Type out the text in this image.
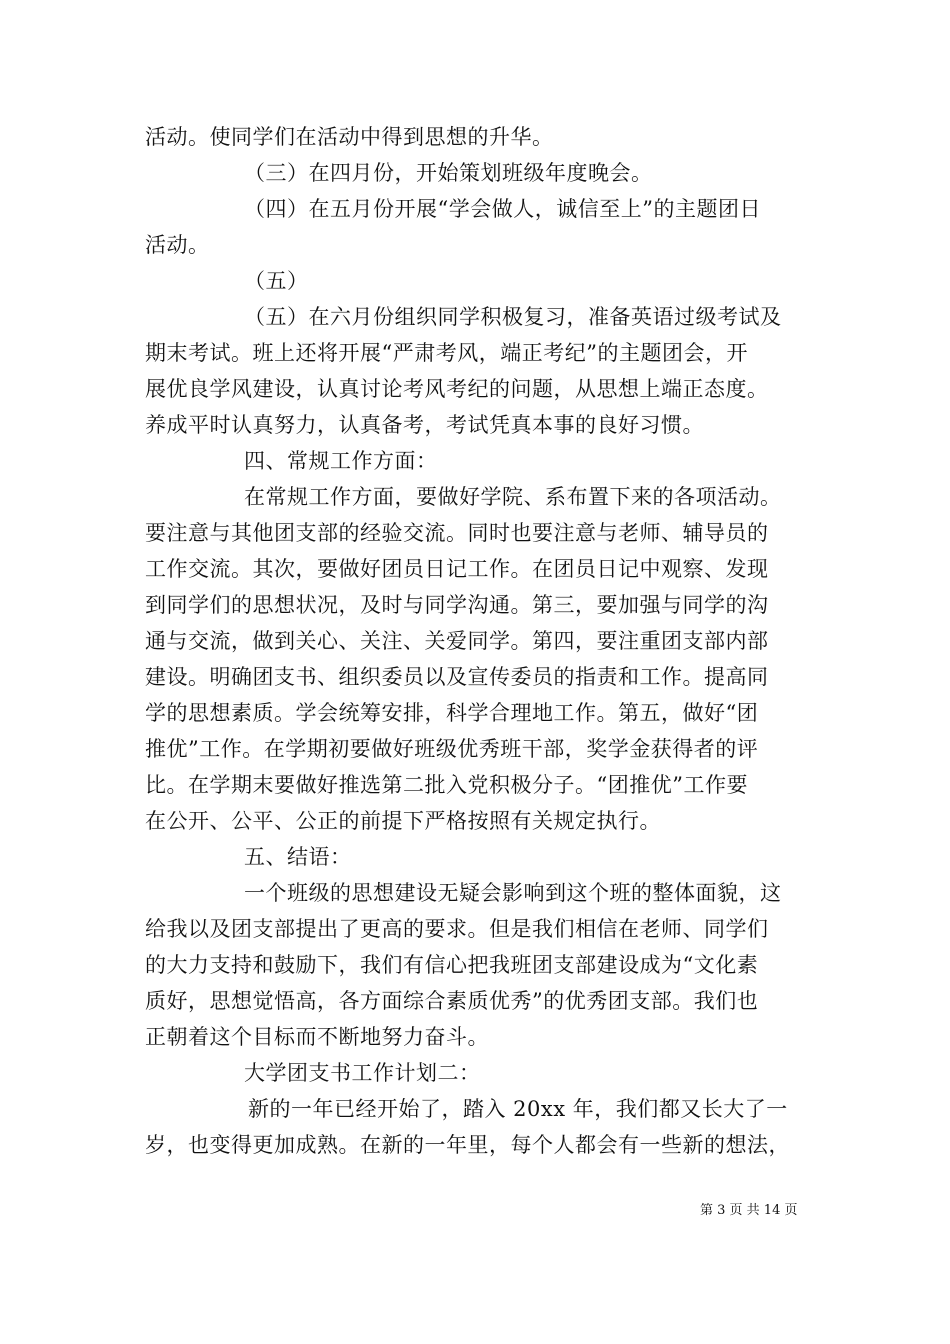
活动。使同学们在活动中得到思想的升华。
（三）在四月份，开始策划班级年度晚会。
（四）在五月份开展“学会做人，诚信至上”的主题团日
活动。
（五）
（五）在六月份组织同学积极复习，准备英语过级考试及
期末考试。班上还将开展“严肃考风，端正考纪”的主题团会，开
展优良学风建设，认真讨论考风考纪的问题，从思想上端正态度。
养成平时认真努力，认真备考，考试凭真本事的良好习惯。
四、常规工作方面：
在常规工作方面，要做好学院、系布置下来的各项活动。
要注意与其他团支部的经验交流。同时也要注意与老师、辅导员的
工作交流。其次，要做好团员日记工作。在团员日记中观察、发现
到同学们的思想状况，及时与同学沟通。第三，要加强与同学的沟
通与交流，做到关心、关注、关爱同学。第四，要注重团支部内部
建设。明确团支书、组织委员以及宣传委员的指责和工作。提高同
学的思想素质。学会统筹安排，科学合理地工作。第五，做好“团
推优”工作。在学期初要做好班级优秀班干部，奖学金获得者的评
比。在学期末要做好推选第二批入党积极分子。“团推优”工作要
在公开、公平、公正的前提下严格按照有关规定执行。
五、结语：
一个班级的思想建设无疑会影响到这个班的整体面貌，这
给我以及团支部提出了更高的要求。但是我们相信在老师、同学们
的大力支持和鼓励下，我们有信心把我班团支部建设成为“文化素
质好，思想觉悟高，各方面综合素质优秀”的优秀团支部。我们也
正朝着这个目标而不断地努力奋斗。
大学团支书工作计划二：
新的一年已经开始了，踏入 20xx 年，我们都又长大了一
岁，也变得更加成熟。在新的一年里，每个人都会有一些新的想法，
第 3 页 共 14 页
